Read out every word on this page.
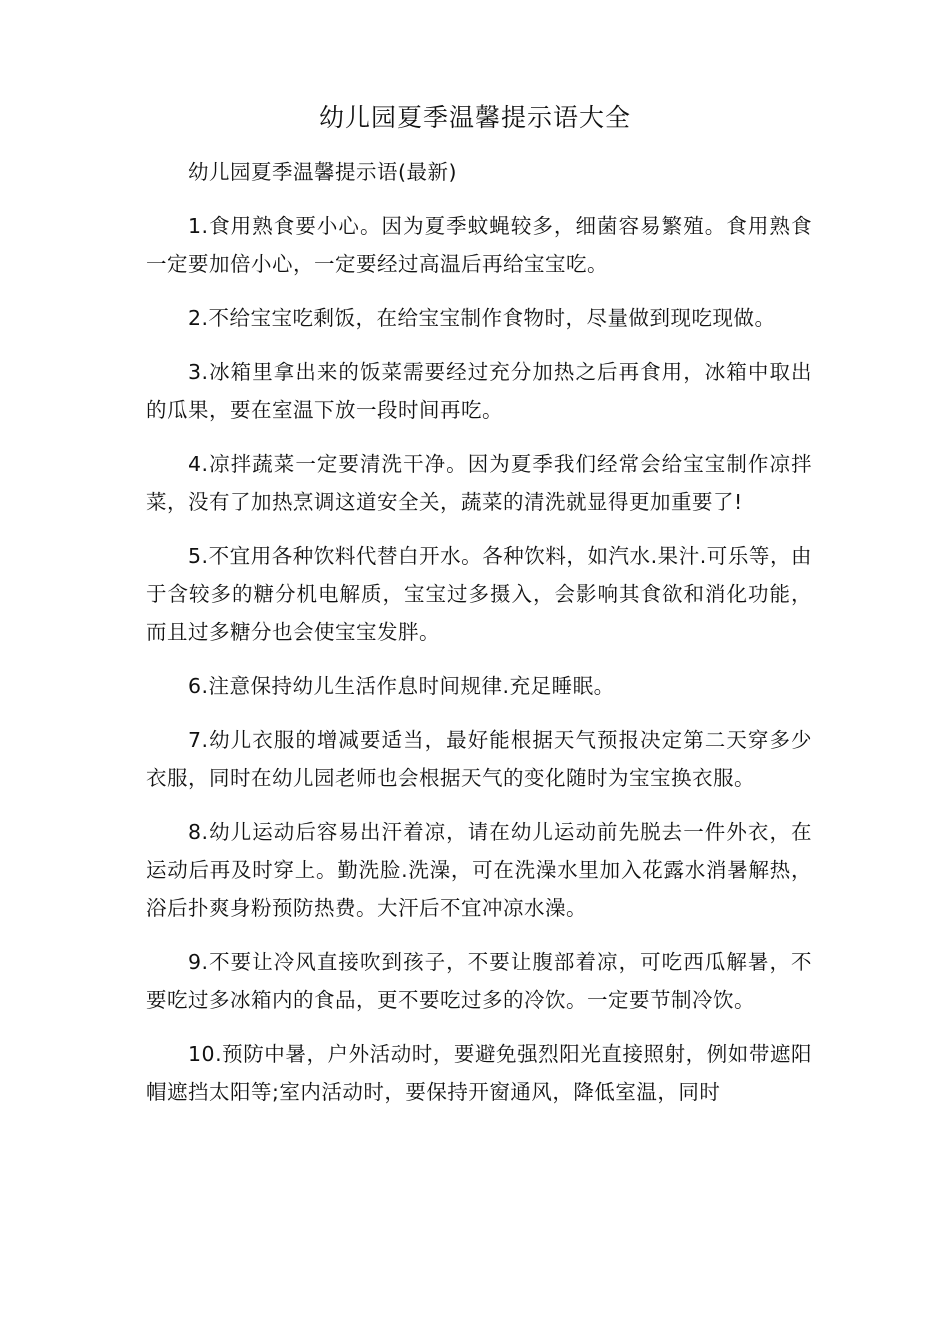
幼儿园夏季温馨提示语大全

幼儿园夏季温馨提示语(最新)

1.食用熟食要小心。因为夏季蚊蝇较多，细菌容易繁殖。食用熟食一定要加倍小心，一定要经过高温后再给宝宝吃。

2.不给宝宝吃剩饭，在给宝宝制作食物时，尽量做到现吃现做。

3.冰箱里拿出来的饭菜需要经过充分加热之后再食用，冰箱中取出的瓜果，要在室温下放一段时间再吃。

4.凉拌蔬菜一定要清洗干净。因为夏季我们经常会给宝宝制作凉拌菜，没有了加热烹调这道安全关，蔬菜的清洗就显得更加重要了!

5.不宜用各种饮料代替白开水。各种饮料，如汽水.果汁.可乐等，由于含较多的糖分机电解质，宝宝过多摄入，会影响其食欲和消化功能，而且过多糖分也会使宝宝发胖。

6.注意保持幼儿生活作息时间规律.充足睡眠。

7.幼儿衣服的增减要适当，最好能根据天气预报决定第二天穿多少衣服，同时在幼儿园老师也会根据天气的变化随时为宝宝换衣服。

8.幼儿运动后容易出汗着凉，请在幼儿运动前先脱去一件外衣，在运动后再及时穿上。勤洗脸.洗澡，可在洗澡水里加入花露水消暑解热，浴后扑爽身粉预防热费。大汗后不宜冲凉水澡。

9.不要让冷风直接吹到孩子，不要让腹部着凉，可吃西瓜解暑，不要吃过多冰箱内的食品，更不要吃过多的冷饮。一定要节制冷饮。

10.预防中暑，户外活动时，要避免强烈阳光直接照射，例如带遮阳帽遮挡太阳等;室内活动时，要保持开窗通风，降低室温，同时
